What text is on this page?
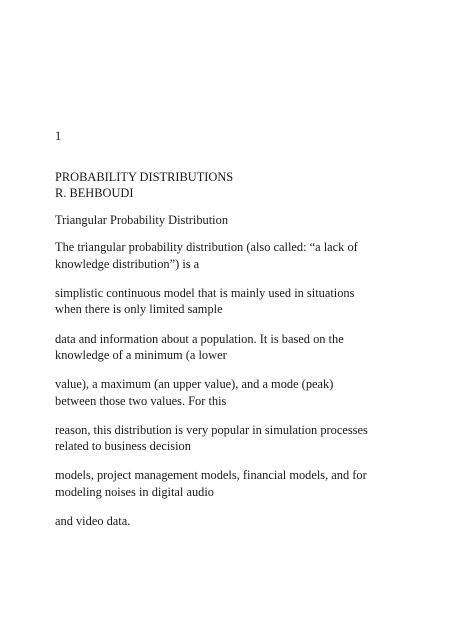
1

PROBABILITY DISTRIBUTIONS

R. BEHBOUDI

Triangular Probability Distribution

The triangular probability distribution (also called: “a lack of

knowledge distribution”) is a

simplistic continuous model that is mainly used in situations

when there is only limited sample

data and information about a population. It is based on the

knowledge of a minimum (a lower

value), a maximum (an upper value), and a mode (peak)

between those two values. For this

reason, this distribution is very popular in simulation processes

related to business decision

models, project management models, financial models, and for

modeling noises in digital audio

and video data.
